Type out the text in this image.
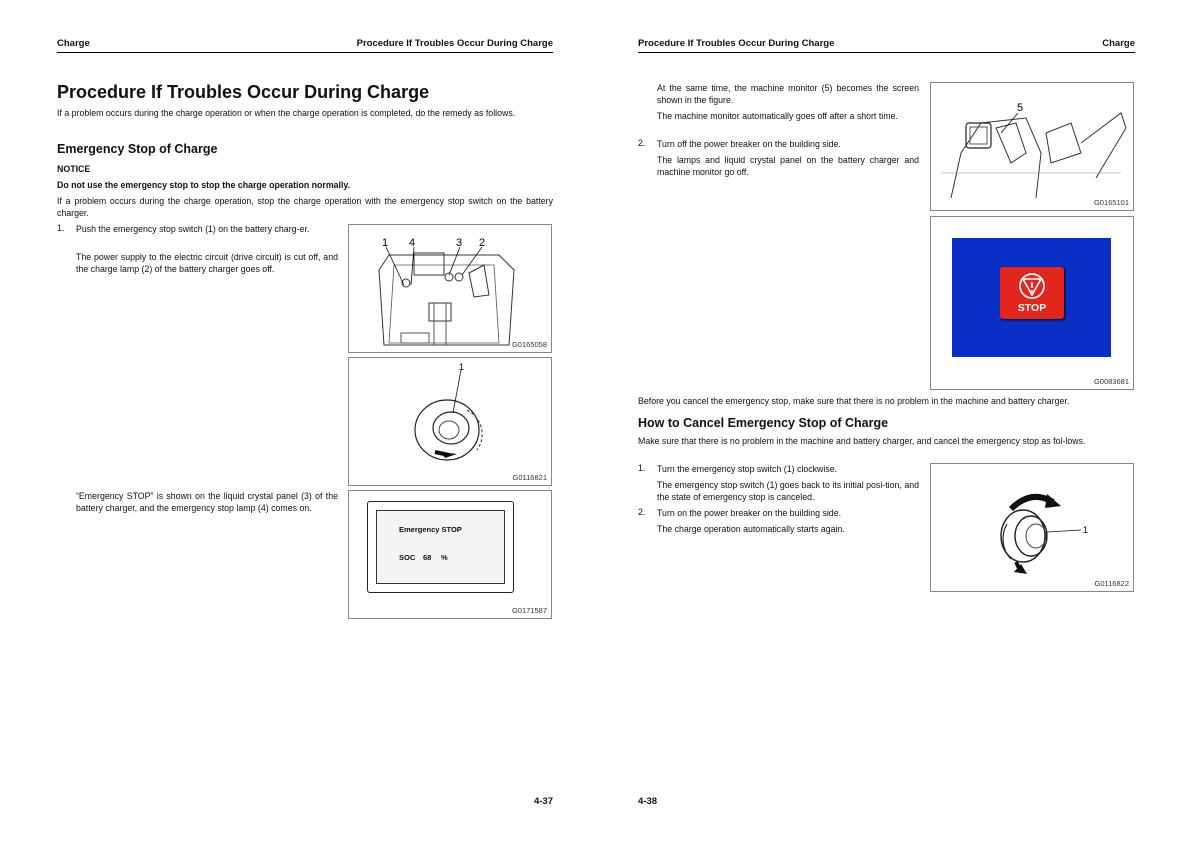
Charge	Procedure If Troubles Occur During Charge
Procedure If Troubles Occur During Charge
If a problem occurs during the charge operation or when the charge operation is completed, do the remedy as follows.
Emergency Stop of Charge
NOTICE
Do not use the emergency stop to stop the charge operation normally.
If a problem occurs during the charge operation, stop the charge operation with the emergency stop switch on the battery charger.
1. Push the emergency stop switch (1) on the battery charg-er.
The power supply to the electric circuit (drive circuit) is cut off, and the charge lamp (2) of the battery charger goes off.
“Emergency STOP” is shown on the liquid crystal panel (3) of the battery charger, and the emergency stop lamp (4) comes on.
1 4	3 2
G0165058
1
G0116821
Emergency STOP
SOC 68 %
G0171587
4-37
Procedure If Troubles Occur During Charge	Charge
At the same time, the machine monitor (5) becomes the screen shown in the figure.
The machine monitor automatically goes off after a short time.
2. Turn off the power breaker on the building side.
The lamps and liquid crystal panel on the battery charger and machine monitor go off.
5
G0165101
STOP
G0083681
Before you cancel the emergency stop, make sure that there is no problem in the machine and battery charger.
How to Cancel Emergency Stop of Charge
Make sure that there is no problem in the machine and battery charger, and cancel the emergency stop as fol-lows.
1. Turn the emergency stop switch (1) clockwise.
The emergency stop switch (1) goes back to its initial posi-tion, and the state of emergency stop is canceled.
2. Turn on the power breaker on the building side.
The charge operation automatically starts again.	1
G0116822
4-38
